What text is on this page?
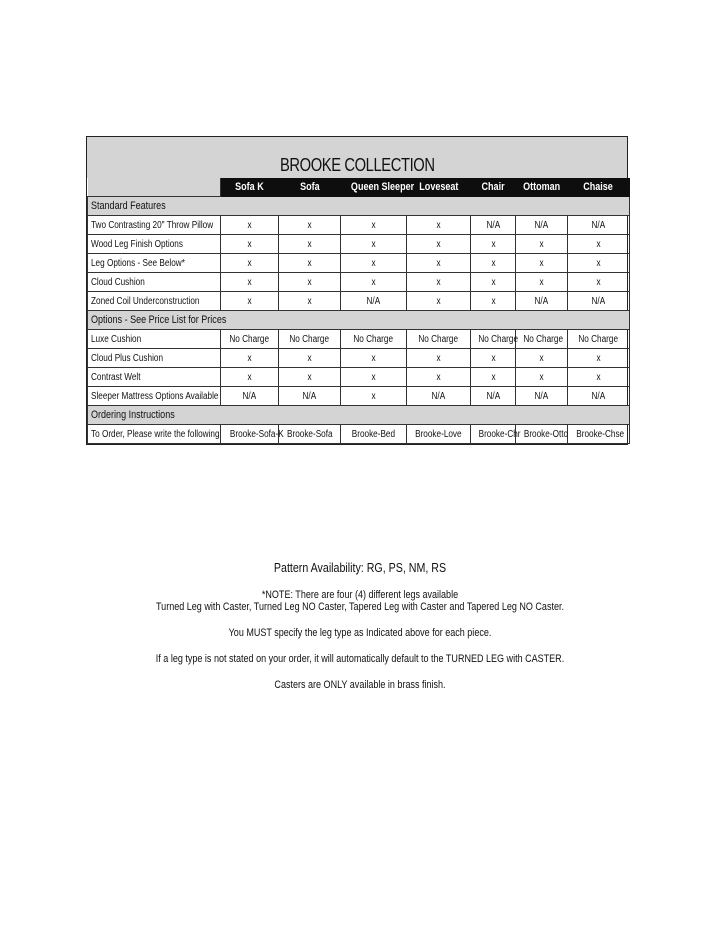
BROOKE COLLECTION
	Sofa K	Sofa	Queen Sleeper	Loveseat	Chair	Ottoman	Chaise
Standard Features							
Two Contrasting 20" Throw Pillow	x	x	x	x	N/A	N/A	N/A
Wood Leg Finish Options	x	x	x	x	x	x	x
Leg Options - See Below*	x	x	x	x	x	x	x
Cloud Cushion	x	x	x	x	x	x	x
Zoned Coil Underconstruction	x	x	N/A	x	x	N/A	N/A
Options - See Price List for Prices							
Luxe Cushion	No Charge	No Charge	No Charge	No Charge	No Charge	No Charge	No Charge
Cloud Plus Cushion	x	x	x	x	x	x	x
Contrast Welt	x	x	x	x	x	x	x
Sleeper Mattress Options Available	N/A	N/A	x	N/A	N/A	N/A	N/A
Ordering Instructions							
To Order, Please write the following	Brooke-Sofa-K	Brooke-Sofa	Brooke-Bed	Brooke-Love	Brooke-Chr	Brooke-Otto	Brooke-Chse
Pattern Availability: RG, PS, NM, RS
*NOTE: There are four (4) different legs available
Turned Leg with Caster, Turned Leg NO Caster, Tapered Leg with Caster and Tapered Leg NO Caster.
You MUST specify the leg type as Indicated above for each piece.
If a leg type is not stated on your order, it will automatically default to the TURNED LEG with CASTER.
Casters are ONLY available in brass finish.
